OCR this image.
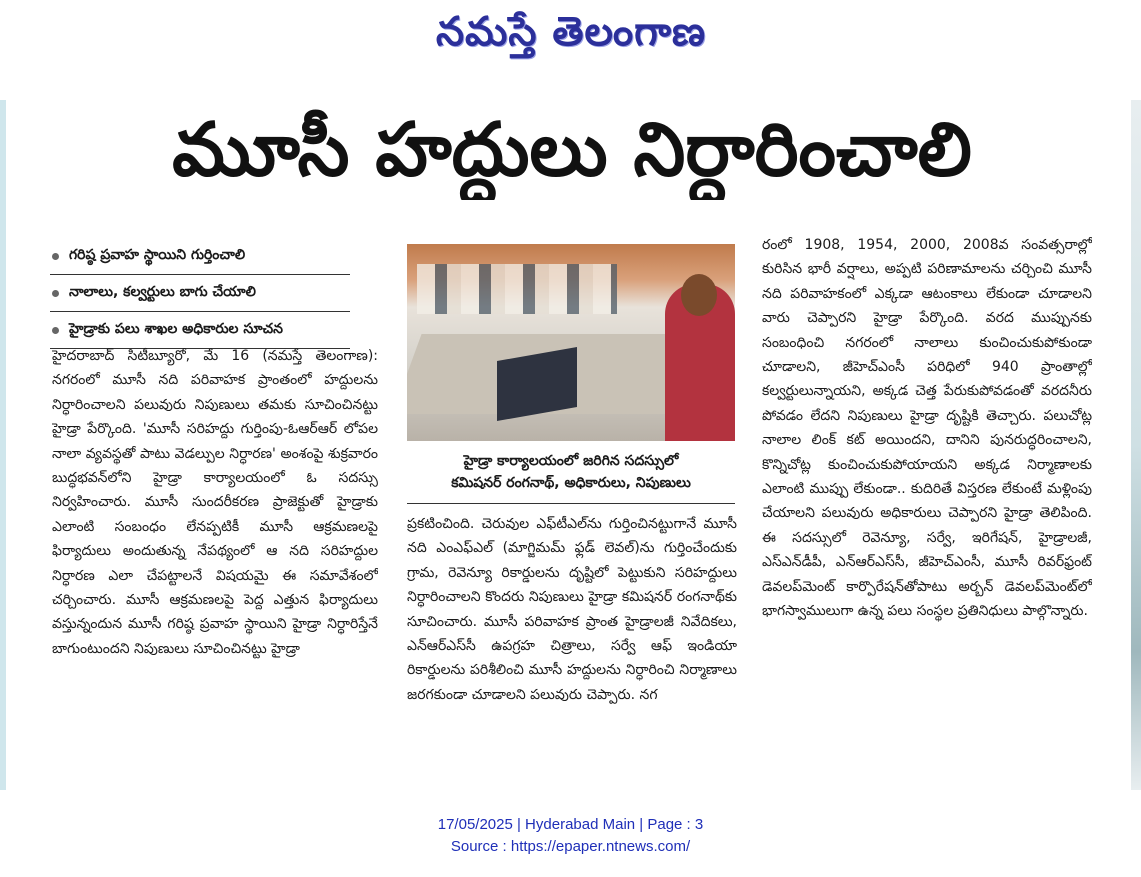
నమస్తే తెలంగాణ
మూసీ హద్దులు నిర్ధారించాలి
గరిష్ఠ ప్రవాహ స్థాయిని గుర్తించాలి
నాలాలు, కల్వర్టులు బాగు చేయాలి
హైడ్రాకు పలు శాఖల అధికారుల సూచన

హైదరాబాద్ సిటీబ్యూరో, మే 16 (నమస్తే తెలంగాణ): నగరంలో మూసీ నది పరివాహక ప్రాంతంలో హద్దులను నిర్ధారించాలని పలువురు నిపుణులు తమకు సూచించినట్టు హైడ్రా పేర్కొంది. 'మూసీ సరిహద్దు గుర్తింపు-ఓఆర్ఆర్ లోపల నాలా వ్యవస్థతో పాటు వెడల్పుల నిర్ధారణ' అంశంపై శుక్రవారం బుద్ధభవన్‌లోని హైడ్రా కార్యాలయంలో ఓ సదస్సు నిర్వహించారు. మూసీ సుందరీకరణ ప్రాజెక్టుతో హైడ్రాకు ఎలాంటి సంబంధం లేనప్పటికీ మూసీ ఆక్రమణలపై ఫిర్యాదులు అందుతున్న నేపథ్యంలో ఆ నది సరిహద్దుల నిర్ధారణ ఎలా చేపట్టాలనే విషయమై ఈ సమావేశంలో చర్చించారు. మూసీ ఆక్రమణలపై పెద్ద ఎత్తున ఫిర్యాదులు వస్తున్నందున మూసీ గరిష్ఠ ప్రవాహ స్థాయిని హైడ్రా నిర్ధారిస్తేనే బాగుంటుందని నిపుణులు సూచించినట్టు హైడ్రా

హైడ్రా కార్యాలయంలో జరిగిన సదస్సులో
కమిషనర్ రంగనాథ్, అధికారులు, నిపుణులు

ప్రకటించింది. చెరువుల ఎఫ్‌టీఎల్‌ను గుర్తించినట్టుగానే మూసీ నది ఎంఎఫ్ఎల్ (మాగ్జిమమ్ ఫ్లడ్ లెవల్)ను గుర్తించేందుకు గ్రామ, రెవెన్యూ రికార్డులను దృష్టిలో పెట్టుకుని సరిహద్దులు నిర్ధారించాలని కొందరు నిపుణులు హైడ్రా కమిషనర్ రంగనాథ్‌కు సూచించారు. మూసీ పరివాహక ప్రాంత హైడ్రాలజీ నివేదికలు, ఎన్ఆర్ఎస్‌సీ ఉపగ్రహ చిత్రాలు, సర్వే ఆఫ్ ఇండియా రికార్డులను పరిశీలించి మూసీ హద్దులను నిర్ధారించి నిర్మాణాలు జరగకుండా చూడాలని పలువురు చెప్పారు. నగ

రంలో 1908, 1954, 2000, 2008వ సంవత్సరాల్లో కురిసిన భారీ వర్షాలు, అప్పటి పరిణామాలను చర్చించి మూసీ నది పరివాహకంలో ఎక్కడా ఆటంకాలు లేకుండా చూడాలని వారు చెప్పారని హైడ్రా పేర్కొంది. వరద ముప్పునకు సంబంధించి నగరంలో నాలాలు కుంచించుకుపోకుండా చూడాలని, జీహెచ్ఎంసీ పరిధిలో 940 ప్రాంతాల్లో కల్వర్టులున్నాయని, అక్కడ చెత్త పేరుకుపోవడంతో వరదనీరు పోవడం లేదని నిపుణులు హైడ్రా దృష్టికి తెచ్చారు. పలుచోట్ల నాలాల లింక్ కట్ అయిందని, దానిని పునరుద్ధరించాలని, కొన్నిచోట్ల కుంచించుకుపోయాయని అక్కడ నిర్మాణాలకు ఎలాంటి ముప్పు లేకుండా.. కుదిరితే విస్తరణ లేకుంటే మళ్లింపు చేయాలని పలువురు అధికారులు చెప్పారని హైడ్రా తెలిపింది. ఈ సదస్సులో రెవెన్యూ, సర్వే, ఇరిగేషన్, హైడ్రాలజీ, ఎస్ఎన్‌డీపీ, ఎన్ఆర్ఎస్‌సీ, జీహెచ్ఎంసీ, మూసీ రివర్‌ఫ్రంట్ డెవలప్‌మెంట్ కార్పొరేషన్‌తోపాటు అర్బన్ డెవలప్‌మెంట్‌లో భాగస్వాములుగా ఉన్న పలు సంస్థల ప్రతినిధులు పాల్గొన్నారు.

17/05/2025 | Hyderabad Main | Page : 3
Source : https://epaper.ntnews.com/
